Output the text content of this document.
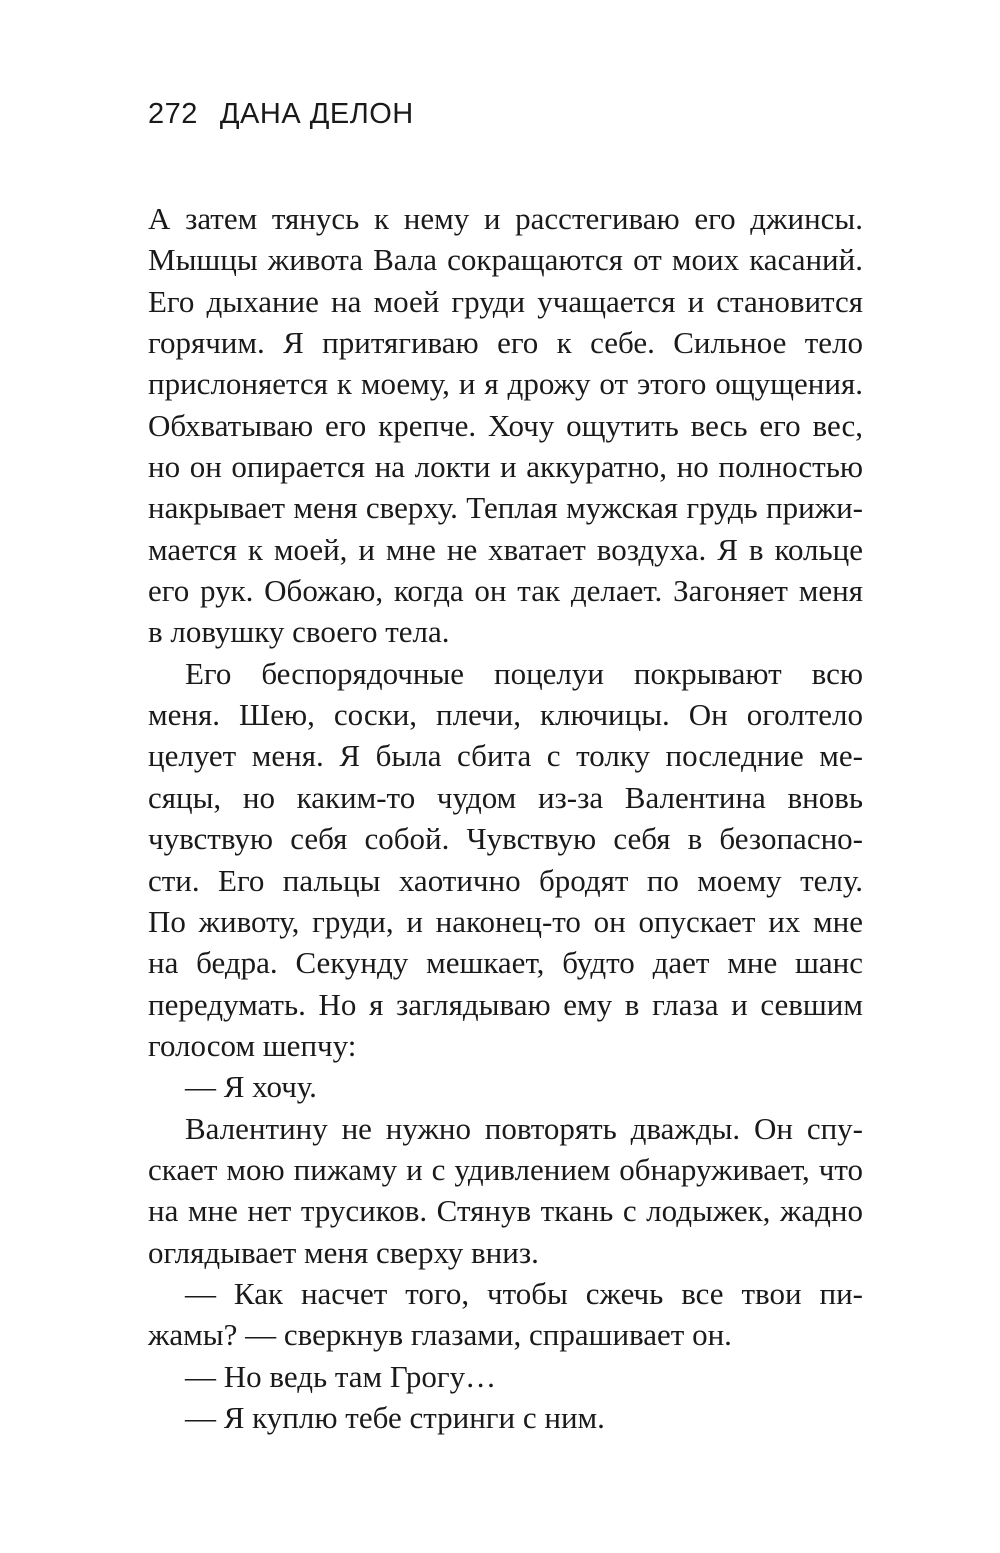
272 ДАНА ДЕЛОН
А затем тянусь к нему и расстегиваю его джинсы.
Мышцы живота Вала сокращаются от моих касаний.
Его дыхание на моей груди учащается и становится
горячим. Я притягиваю его к себе. Сильное тело
прислоняется к моему, и я дрожу от этого ощущения.
Обхватываю его крепче. Хочу ощутить весь его вес,
но он опирается на локти и аккуратно, но полностью
накрывает меня сверху. Теплая мужская грудь прижи-
мается к моей, и мне не хватает воздуха. Я в кольце
его рук. Обожаю, когда он так делает. Загоняет меня
в ловушку своего тела.
Его беспорядочные поцелуи покрывают всю
меня. Шею, соски, плечи, ключицы. Он оголтело
целует меня. Я была сбита с толку последние ме-
сяцы, но каким-то чудом из-за Валентина вновь
чувствую себя собой. Чувствую себя в безопасно-
сти. Его пальцы хаотично бродят по моему телу.
По животу, груди, и наконец-то он опускает их мне
на бедра. Секунду мешкает, будто дает мне шанс
передумать. Но я заглядываю ему в глаза и севшим
голосом шепчу:
— Я хочу.
Валентину не нужно повторять дважды. Он спу-
скает мою пижаму и с удивлением обнаруживает, что
на мне нет трусиков. Стянув ткань с лодыжек, жадно
оглядывает меня сверху вниз.
— Как насчет того, чтобы сжечь все твои пи-
жамы? — сверкнув глазами, спрашивает он.
— Но ведь там Грогу…
— Я куплю тебе стринги с ним.
